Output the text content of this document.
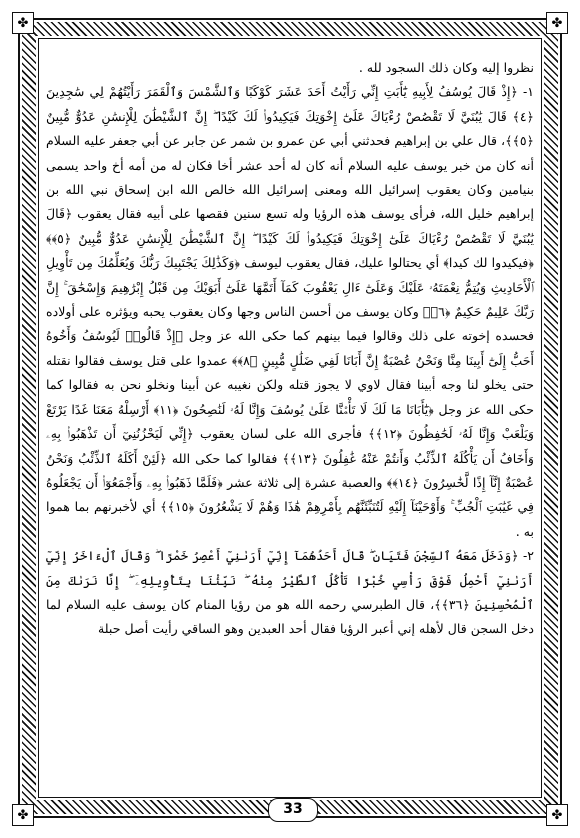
✤	✤
✤	✤

نظروا إليه وكان ذلك السجود لله .

١- ﴿إِذْ قَالَ يُوسُفُ لِأَبِيهِ يَٰٓأَبَتِ إِنِّي رَأَيْتُ أَحَدَ عَشَرَ كَوْكَبًا وَٱلشَّمْسَ وَٱلْقَمَرَ رَأَيْتُهُمْ لِي سَٰجِدِينَ ﴿٤﴾ قَالَ يَٰبُنَيَّ لَا تَقْصُصْ رُءْيَاكَ عَلَىٰٓ إِخْوَتِكَ فَيَكِيدُوا۟ لَكَ كَيْدًا ۖ إِنَّ ٱلشَّيْطَٰنَ لِلْإِنسَٰنِ عَدُوٌّ مُّبِينٌ ﴿٥﴾﴾، قال علي بن إبراهيم فحدثني أبي عن عمرو بن شمر عن جابر عن أبي جعفر عليه السلام أنه كان من خبر يوسف عليه السلام أنه كان له أحد عشر أخا فكان له من أمه أخ واحد يسمى بنيامين وكان يعقوب إسرائيل الله ومعنى إسرائيل الله خالص الله ابن إسحاق نبي الله بن إبراهيم خليل الله، فرأى يوسف هذه الرؤيا وله تسع سنين فقصها على أبيه فقال يعقوب ﴿قَالَ يَٰبُنَيَّ لَا تَقْصُصْ رُءْيَاكَ عَلَىٰٓ إِخْوَتِكَ فَيَكِيدُوا۟ لَكَ كَيْدًا ۖ إِنَّ ٱلشَّيْطَٰنَ لِلْإِنسَٰنِ عَدُوٌّ مُّبِينٌ ﴿٥﴾﴾ ﴿فيكيدوا لك كيدا﴾ أي يحتالوا عليك، فقال يعقوب ليوسف ﴿وَكَذَٰلِكَ يَجْتَبِيكَ رَبُّكَ وَيُعَلِّمُكَ مِن تَأْوِيلِ ٱلْأَحَادِيثِ وَيُتِمُّ نِعْمَتَهُۥ عَلَيْكَ وَعَلَىٰٓ ءَالِ يَعْقُوبَ كَمَآ أَتَمَّهَا عَلَىٰٓ أَبَوَيْكَ مِن قَبْلُ إِبْرَٰهِيمَ وَإِسْحَٰقَ ۚ إِنَّ رَبَّكَ عَلِيمٌ حَكِيمٌ ﴿٦﴾﴾ وكان يوسف من أحسن الناس وجها وكان يعقوب يحبه ويؤثره على أولاده فحسده إخوته على ذلك وقالوا فيما بينهم كما حكى الله عز وجل ﴿إِذْ قَالُوا۟ لَيُوسُفُ وَأَخُوهُ أَحَبُّ إِلَىٰٓ أَبِينَا مِنَّا وَنَحْنُ عُصْبَةٌ إِنَّ أَبَانَا لَفِي ضَلَٰلٍ مُّبِينٍ ﴿٨﴾﴾ عمدوا على قتل يوسف فقالوا نقتله حتى يخلو لنا وجه أبينا فقال لاوي لا يجوز قتله ولكن نغيبه عن أبينا ونخلو نحن به فقالوا كما حكى الله عز وجل ﴿يَٰٓأَبَانَا مَا لَكَ لَا تَأْمَ۫نَّا عَلَىٰ يُوسُفَ وَإِنَّا لَهُۥ لَنَٰصِحُونَ ﴿١١﴾ أَرْسِلْهُ مَعَنَا غَدًا يَرْتَعْ وَيَلْعَبْ وَإِنَّا لَهُۥ لَحَٰفِظُونَ ﴿١٢﴾﴾ فأجرى الله على لسان يعقوب ﴿إِنِّي لَيَحْزُنُنِيٓ أَن تَذْهَبُوا۟ بِهِۦ وَأَخَافُ أَن يَأْكُلَهُ ٱلذِّئْبُ وَأَنتُمْ عَنْهُ غَٰفِلُونَ ﴿١٣﴾﴾ فقالوا كما حكى الله ﴿لَئِنْ أَكَلَهُ ٱلذِّئْبُ وَنَحْنُ عُصْبَةٌ إِنَّآ إِذًا لَّخَٰسِرُونَ ﴿١٤﴾﴾ والعصبة عشرة إلى ثلاثة عشر ﴿فَلَمَّا ذَهَبُوا۟ بِهِۦ وَأَجْمَعُوٓا۟ أَن يَجْعَلُوهُ فِي غَيَٰبَتِ ٱلْجُبِّ ۚ وَأَوْحَيْنَآ إِلَيْهِ لَتُنَبِّئَنَّهُم بِأَمْرِهِمْ هَٰذَا وَهُمْ لَا يَشْعُرُونَ ﴿١٥﴾﴾ أي لأخبرنهم بما هموا به .

٢- ﴿وَدَخَلَ مَعَهُ ٱلسِّجْنَ فَتَيَانِ ۖ قَالَ أَحَدُهُمَآ إِنِّيٓ أَرَىٰنِيٓ أَعْصِرُ خَمْرًا ۖ وَقَالَ ٱلْءَاخَرُ إِنِّيٓ أَرَىٰنِيٓ أَحْمِلُ فَوْقَ رَأْسِي خُبْزًا تَأْكُلُ ٱلطَّيْرُ مِنْهُ ۖ نَبِّئْنَا بِتَأْوِيلِهِۦٓ ۖ إِنَّا نَرَىٰكَ مِنَ ٱلْمُحْسِنِينَ ﴿٣٦﴾﴾، قال الطبرسي رحمه الله هو من رؤيا المنام كان يوسف عليه السلام لما دخل السجن قال لأهله إني أعبر الرؤيا فقال أحد العبدين وهو الساقي رأيت أصل حبلة

33
